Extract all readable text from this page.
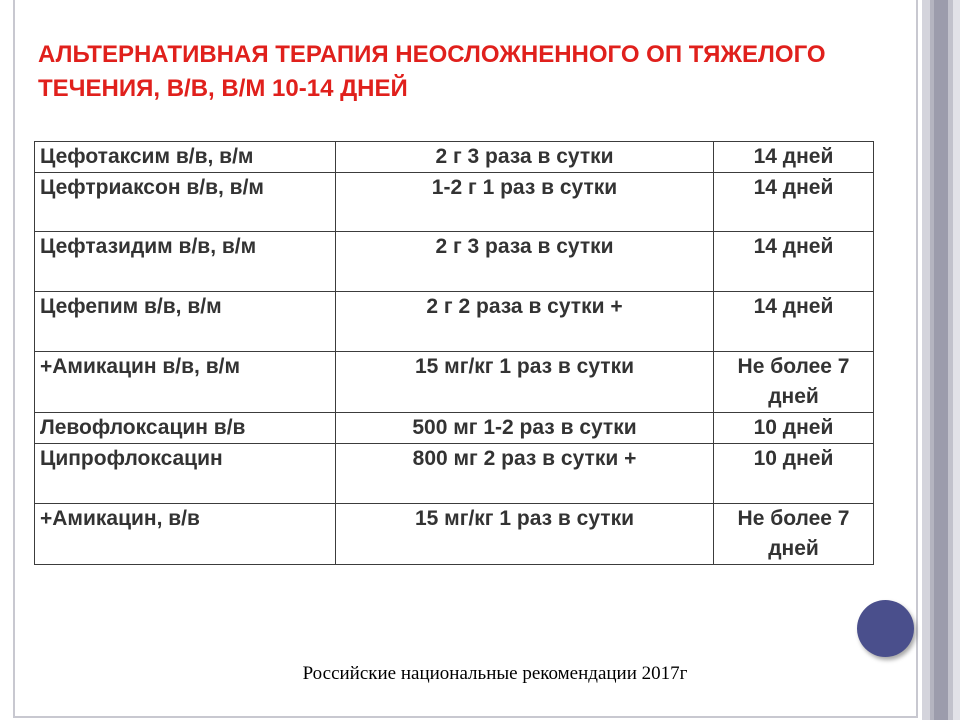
АЛЬТЕРНАТИВНАЯ ТЕРАПИЯ НЕОСЛОЖНЕННОГО ОП ТЯЖЕЛОГО ТЕЧЕНИЯ, В/В, В/М 10-14 ДНЕЙ
Цефотаксим в/в, в/м	2 г 3 раза в сутки	14 дней
Цефтриаксон в/в, в/м	1-2 г 1 раз в сутки	14 дней
Цефтазидим в/в, в/м	2 г 3 раза в сутки	14 дней
Цефепим в/в, в/м	2 г 2 раза в сутки +	14 дней
+Амикацин в/в, в/м	15 мг/кг 1 раз в сутки	Не более 7 дней
Левофлоксацин в/в	500 мг 1-2 раз в сутки	10 дней
Ципрофлоксацин	800 мг 2 раз в сутки +	10 дней
+Амикацин, в/в	15 мг/кг 1 раз в сутки	Не более 7 дней
Российские национальные рекомендации 2017г
